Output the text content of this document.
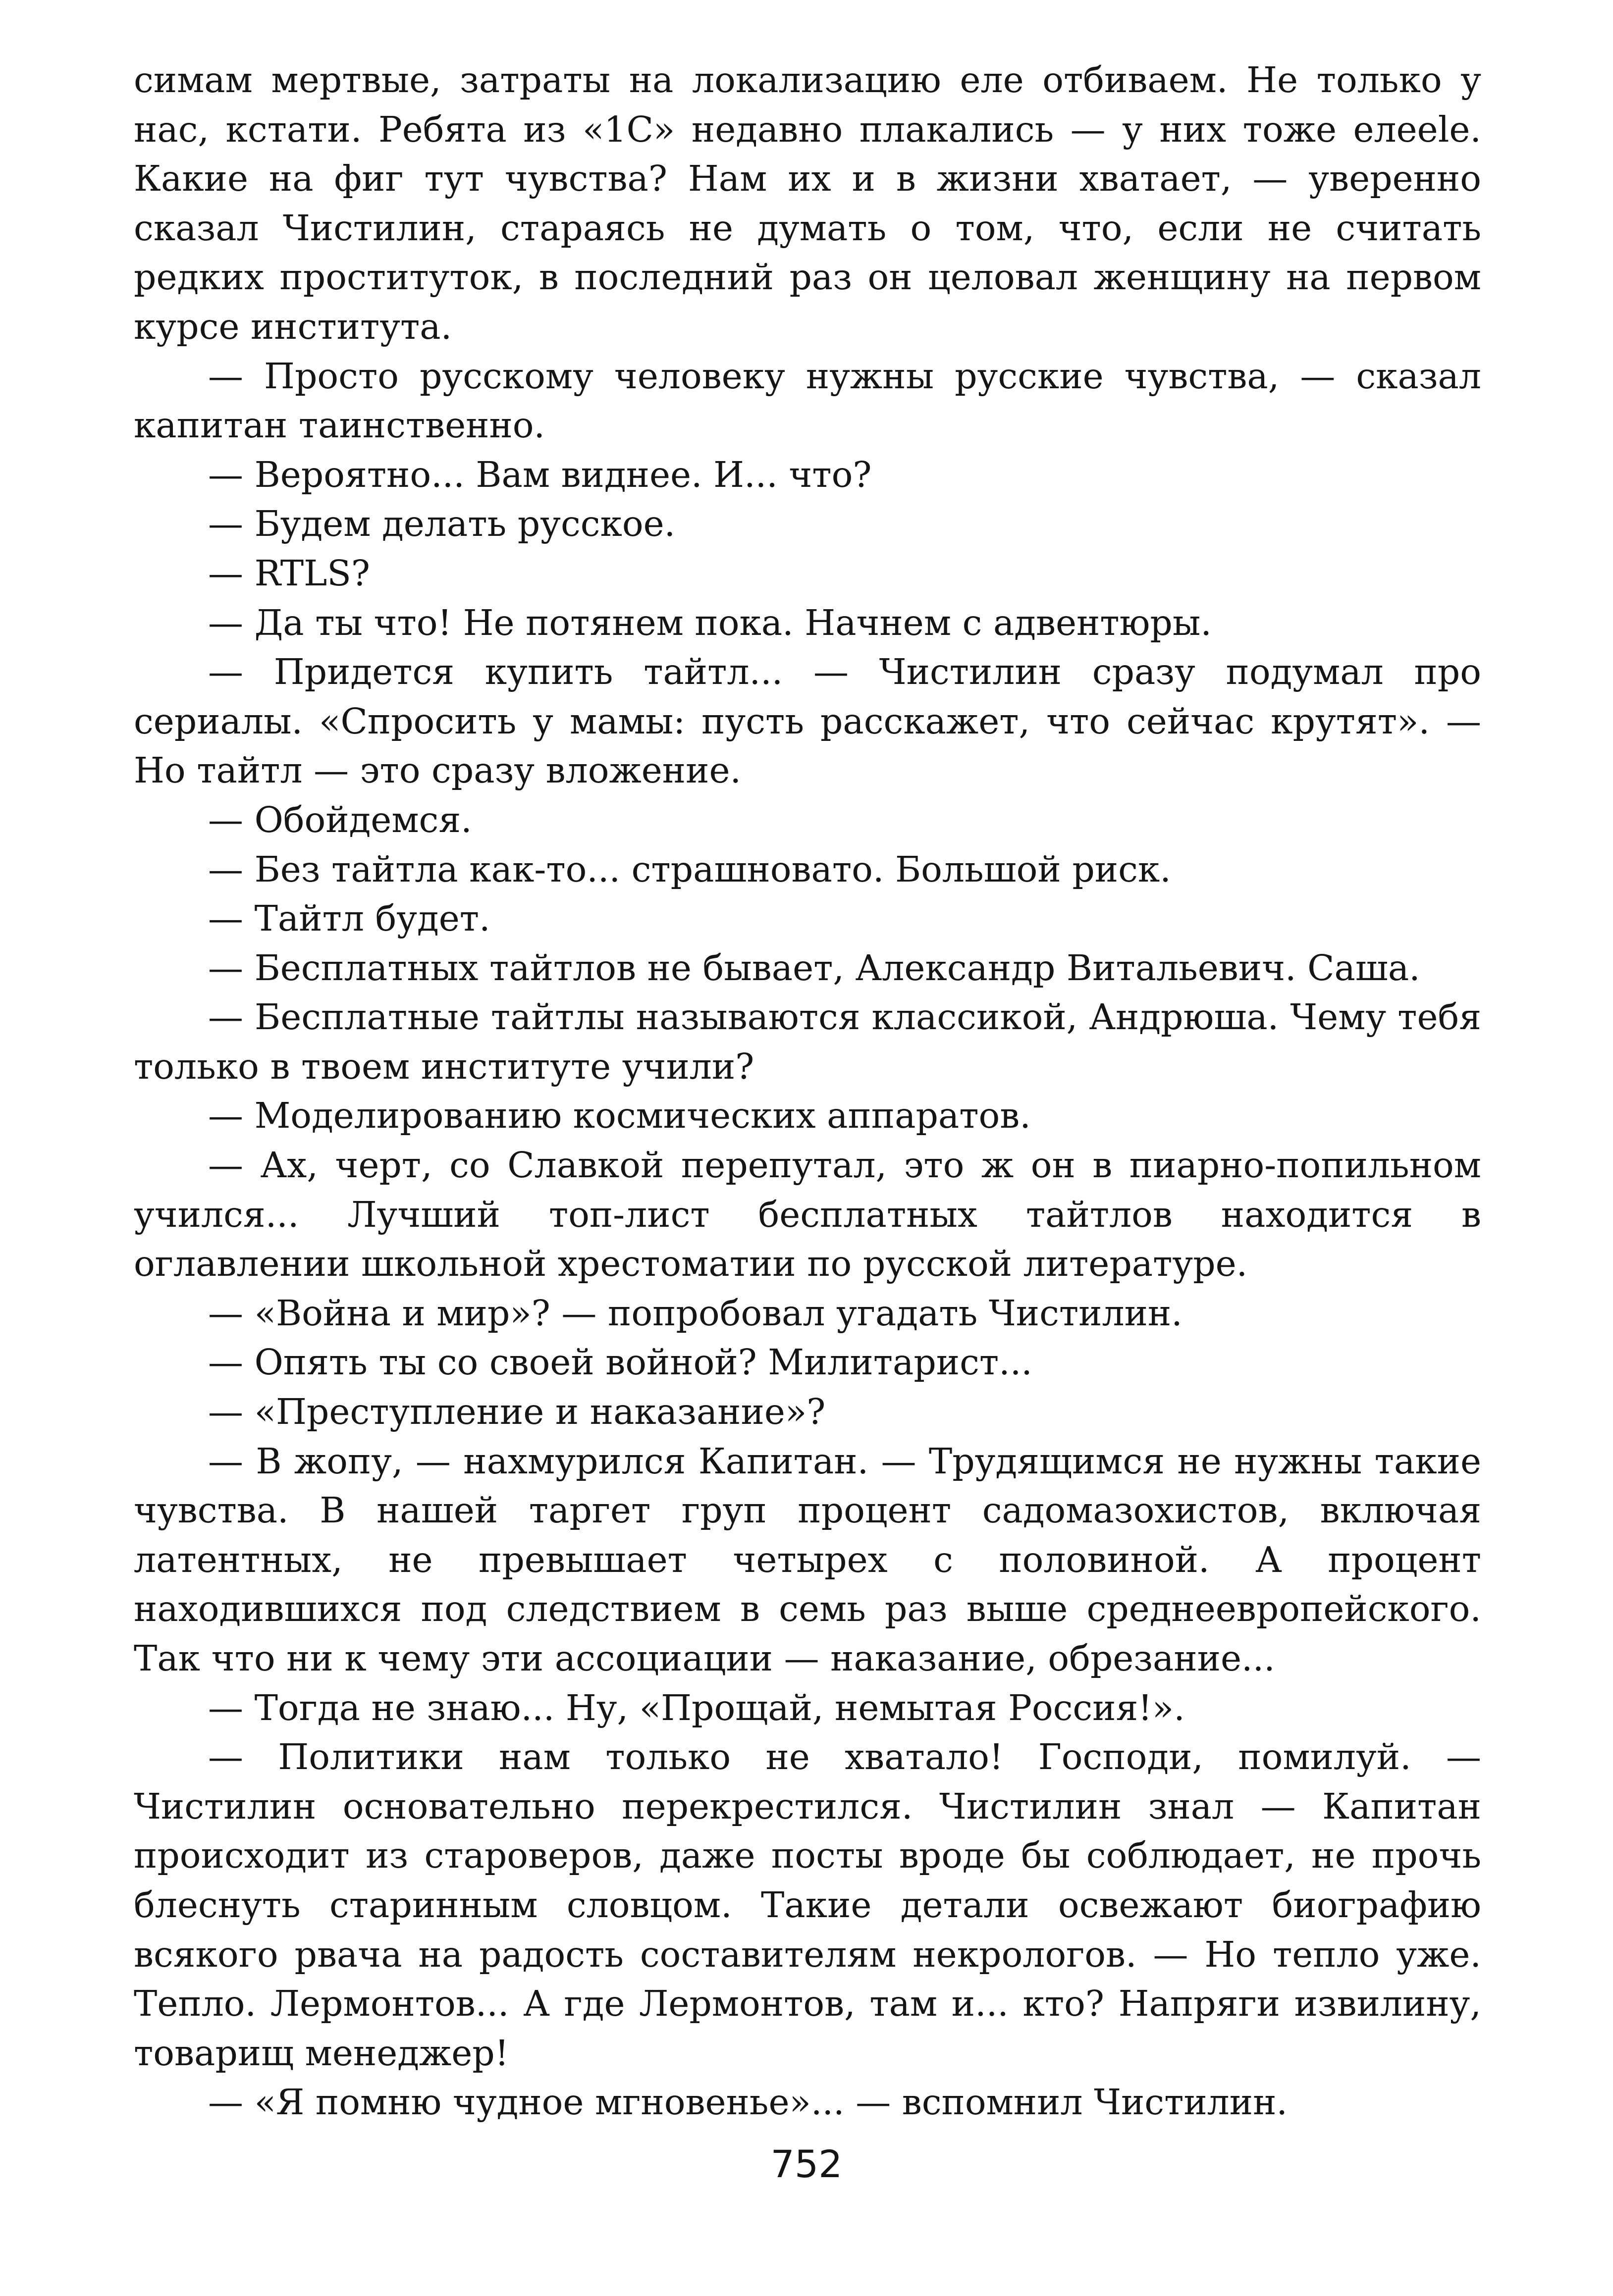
симам мертвые, затраты на локализацию еле отбиваем. Не только у нас, кстати. Ребята из «1С» недавно плакались — у них тоже елеele. Какие на фиг тут чувства? Нам их и в жизни хватает, — уверенно сказал Чистилин, стараясь не думать о том, что, если не считать редких проституток, в последний раз он целовал женщину на первом курсе института.

— Просто русскому человеку нужны русские чувства, — сказал капитан таинственно.

— Вероятно... Вам виднее. И... что?

— Будем делать русское.

— RTLS?

— Да ты что! Не потянем пока. Начнем с адвентюры.

— Придется купить тайтл... — Чистилин сразу подумал про сериалы. «Спросить у мамы: пусть расскажет, что сейчас крутят». — Но тайтл — это сразу вложение.

— Обойдемся.

— Без тайтла как-то... страшновато. Большой риск.

— Тайтл будет.

— Бесплатных тайтлов не бывает, Александр Витальевич. Саша.

— Бесплатные тайтлы называются классикой, Андрюша. Чему тебя только в твоем институте учили?

— Моделированию космических аппаратов.

— Ах, черт, со Славкой перепутал, это ж он в пиарно-попильном учился... Лучший топ-лист бесплатных тайтлов находится в оглавлении школьной хрестоматии по русской литературе.

— «Война и мир»? — попробовал угадать Чистилин.

— Опять ты со своей войной? Милитарист...

— «Преступление и наказание»?

— В жопу, — нахмурился Капитан. — Трудящимся не нужны такие чувства. В нашей таргет груп процент садомазохистов, включая латентных, не превышает четырех с половиной. А процент находившихся под следствием в семь раз выше среднеевропейского. Так что ни к чему эти ассоциации — наказание, обрезание...

— Тогда не знаю... Ну, «Прощай, немытая Россия!».

— Политики нам только не хватало! Господи, помилуй. — Чистилин основательно перекрестился. Чистилин знал — Капитан происходит из староверов, даже посты вроде бы соблюдает, не прочь блеснуть старинным словцом. Такие детали освежают биографию всякого рвача на радость составителям некрологов. — Но тепло уже. Тепло. Лермонтов... А где Лермонтов, там и... кто? Напряги извилину, товарищ менеджер!

— «Я помню чудное мгновенье»... — вспомнил Чистилин.

752
